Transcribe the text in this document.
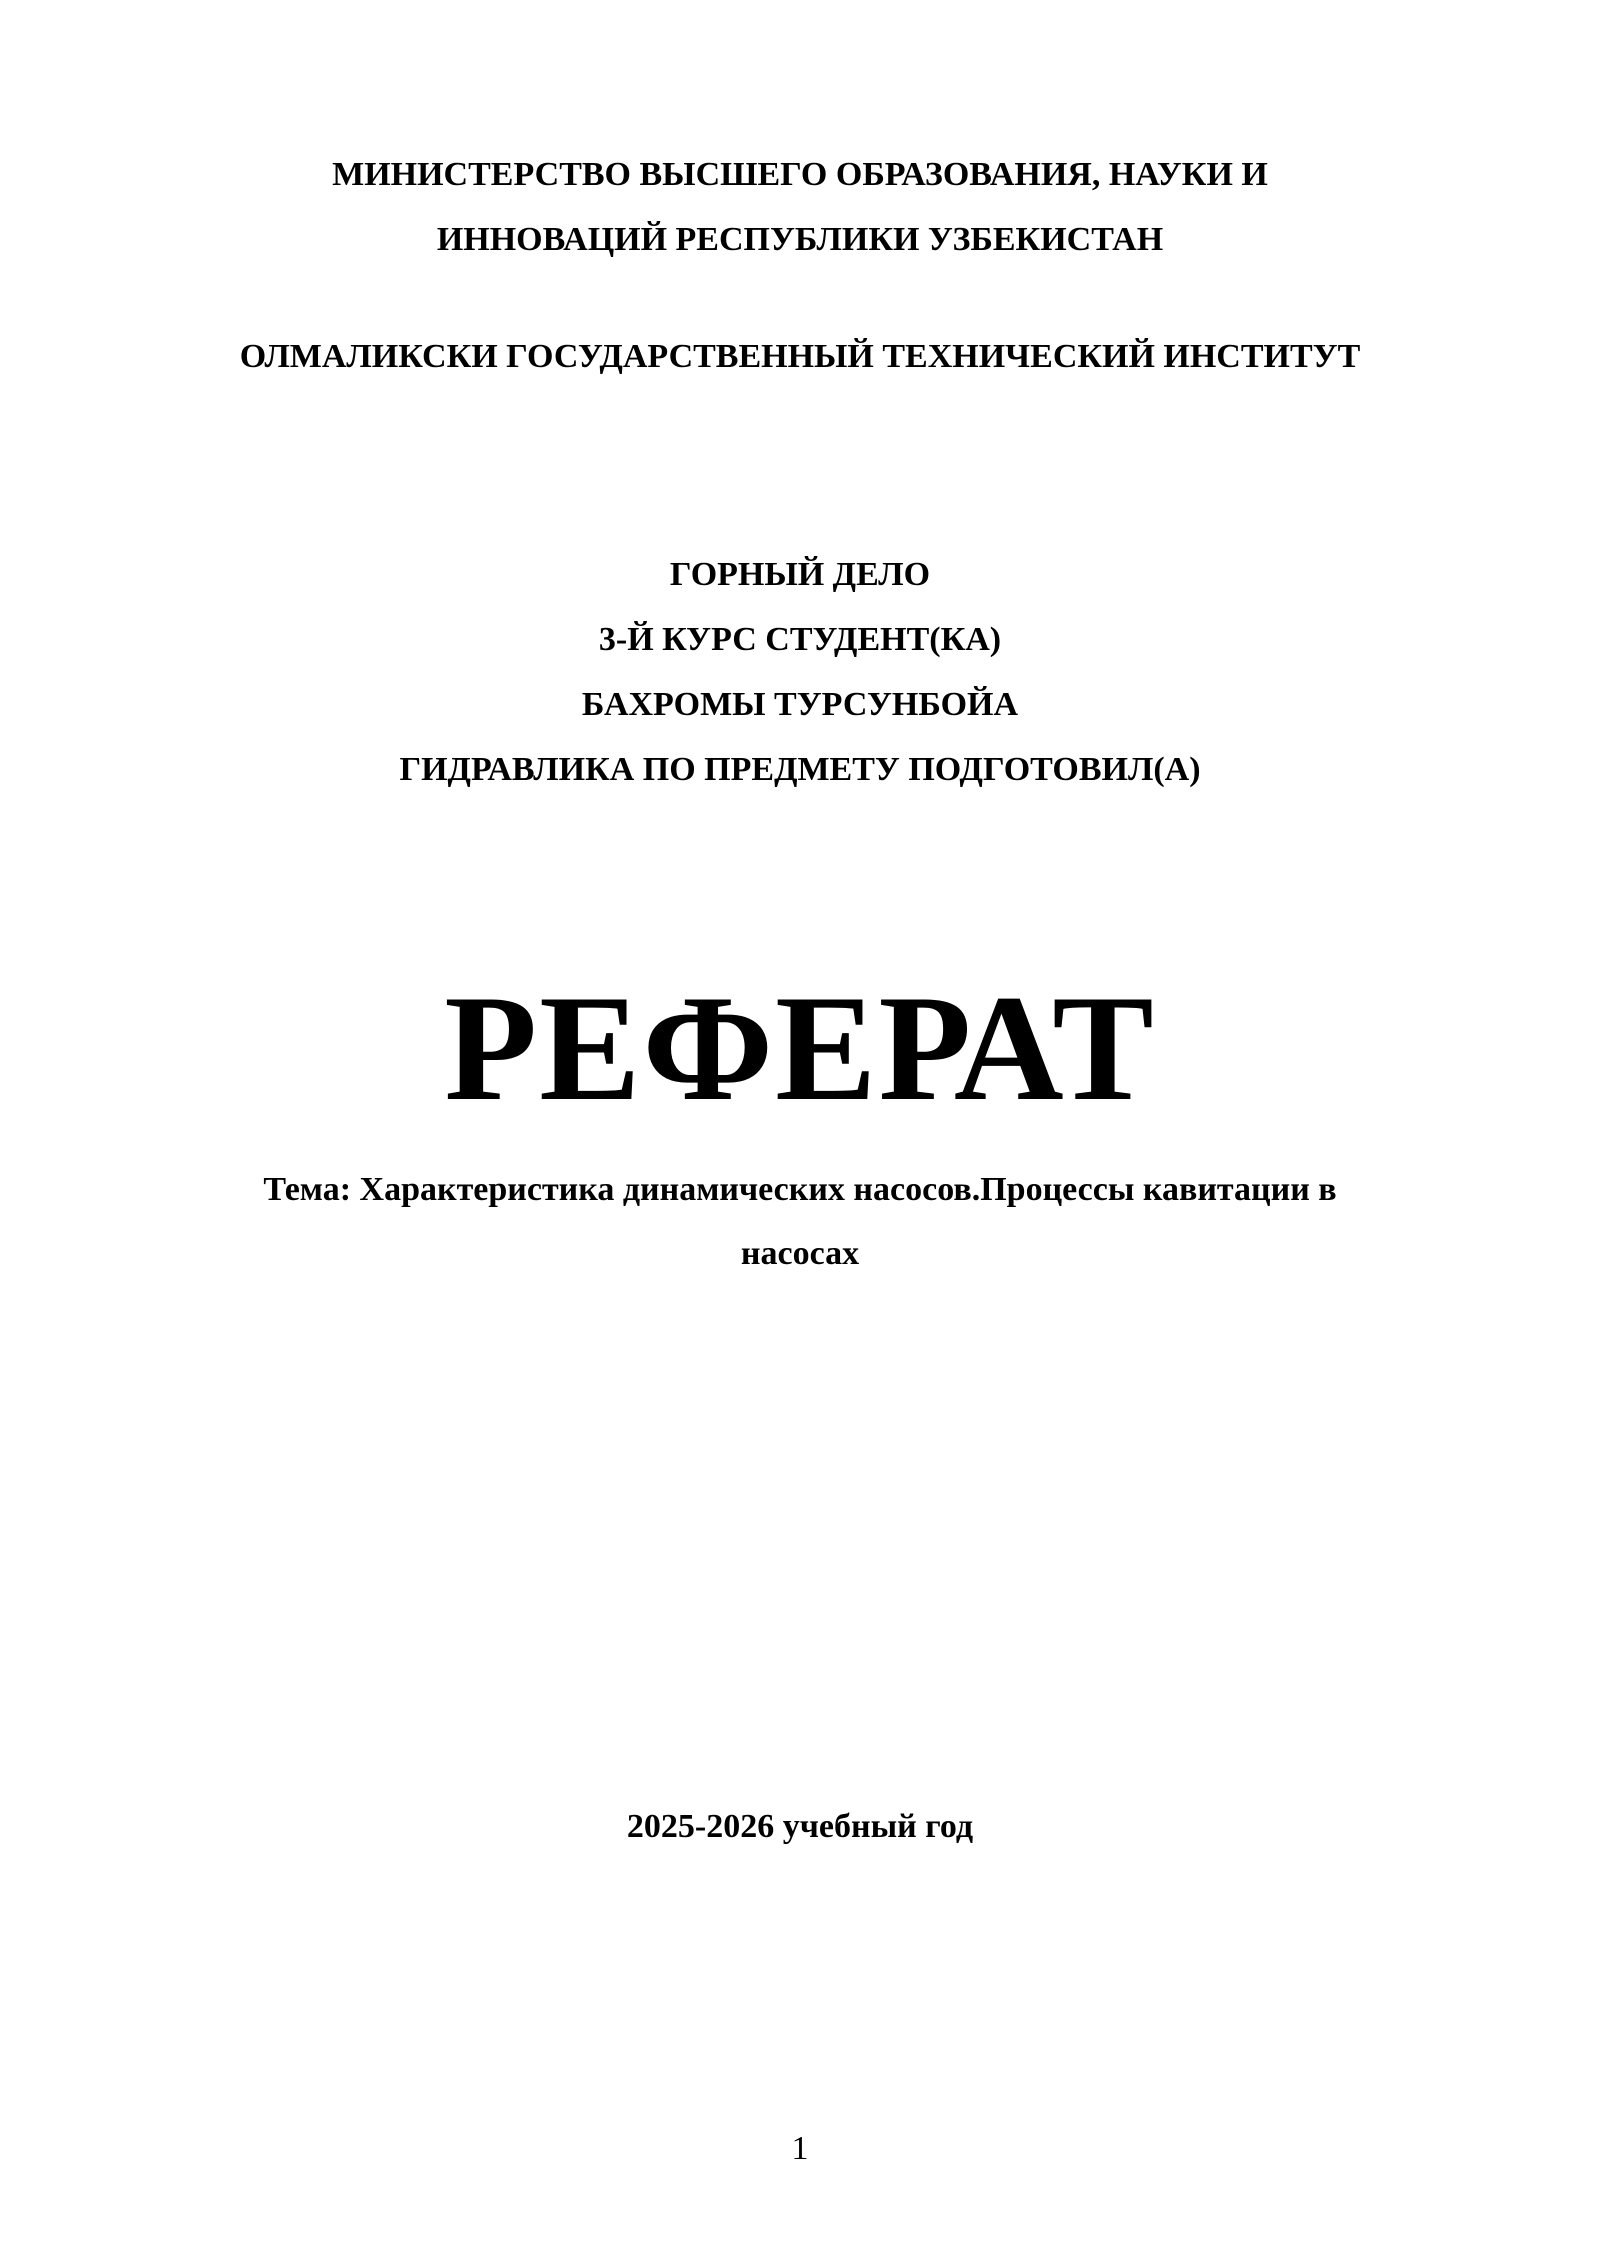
МИНИСТЕРСТВО ВЫСШЕГО ОБРАЗОВАНИЯ, НАУКИ И
ИННОВАЦИЙ РЕСПУБЛИКИ УЗБЕКИСТАН
ОЛМАЛИКСКИ ГОСУДАРСТВЕННЫЙ ТЕХНИЧЕСКИЙ ИНСТИТУТ
ГОРНЫЙ ДЕЛО
3-Й КУРС СТУДЕНТ(КА)
БАХРОМЫ ТУРСУНБОЙА
ГИДРАВЛИКА ПО ПРЕДМЕТУ ПОДГОТОВИЛ(А)
РЕФЕРАТ
Тема: Характеристика динамических насосов.Процессы кавитации в
насосах
2025-2026 учебный год
1
